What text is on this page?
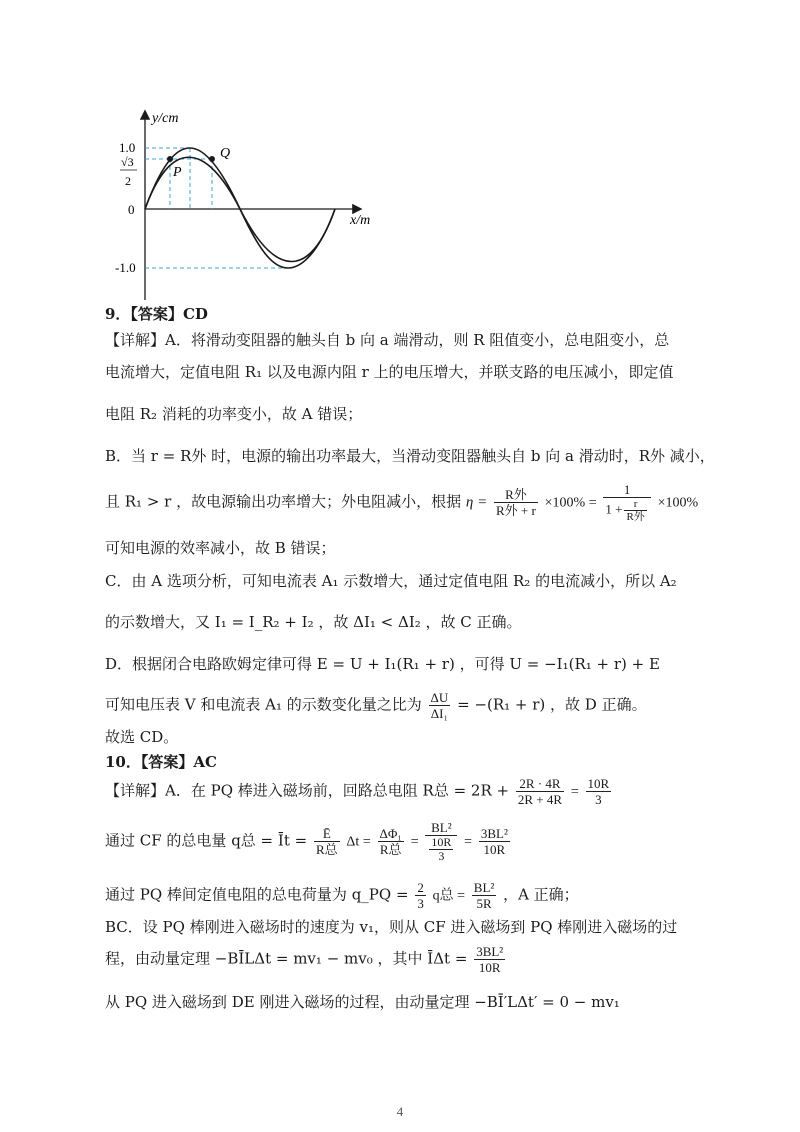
y/cm
x/m
1.0
√3
2
0
-1.0
P
Q
9．【答案】CD
【详解】A．将滑动变阻器的触头自 b 向 a 端滑动，则 R 阻值变小，总电阻变小，总
电流增大，定值电阻 R₁ 以及电源内阻 r 上的电压增大，并联支路的电压减小，即定值
电阻 R₂ 消耗的功率变小，故 A 错误；
B．当 r = R外 时，电源的输出功率最大，当滑动变阻器触头自 b 向 a 滑动时，R外 减小，
且 R₁ > r ，故电源输出功率增大；外电阻减小，根据 $\eta = \frac{\text{R外}}{\text{R外 + r}} \times 100\% = \frac{1}{1 + \frac{r}{\text{R外}}} \times 100\%$
可知电源的效率减小，故 B 错误；
C．由 A 选项分析，可知电流表 A₁ 示数增大，通过定值电阻 R₂ 的电流减小，所以 A₂
的示数增大，又 I₁ = I_R₂ + I₂ ，故 ΔI₁ < ΔI₂ ，故 C 正确。
D．根据闭合电路欧姆定律可得 E = U + I₁(R₁ + r) ，可得 U = −I₁(R₁ + r) + E
可知电压表 V 和电流表 A₁ 的示数变化量之比为 $\frac{\Delta U}{\text{ΔI₁}} = -(R_1 + r)$ ，故 D 正确。
故选 CD。
10．【答案】AC
【详解】A．在 PQ 棒进入磁场前，回路总电阻 R总 = $2R + \frac{2R \cdot 4R}{2R + 4R} = \frac{10R}{3}$
通过 CF 的总电量 q总 = Īt = $\frac{Ē}{\text{R总}}$ $\Delta t = \frac{\text{ΔΦ₁}}{\text{R总}} = \frac{\text{BL²}}{\frac{10R}{3}} = \frac{\text{3BL²}}{10R}$
通过 PQ 棒间定值电阻的总电荷量为 q_PQ = $\frac{2}{3}$ q总 = $\frac{\text{BL²}}{5R}$ ，A 正确；
BC．设 PQ 棒刚进入磁场时的速度为 v₁，则从 CF 进入磁场到 PQ 棒刚进入磁场的过
程，由动量定理 −BĪLΔt = mv₁ − mv₀ ，其中 ĪΔt = $\frac{\text{3BL²}}{10R}$
从 PQ 进入磁场到 DE 刚进入磁场的过程，由动量定理 −BĪ′LΔt′ = 0 − mv₁
4
